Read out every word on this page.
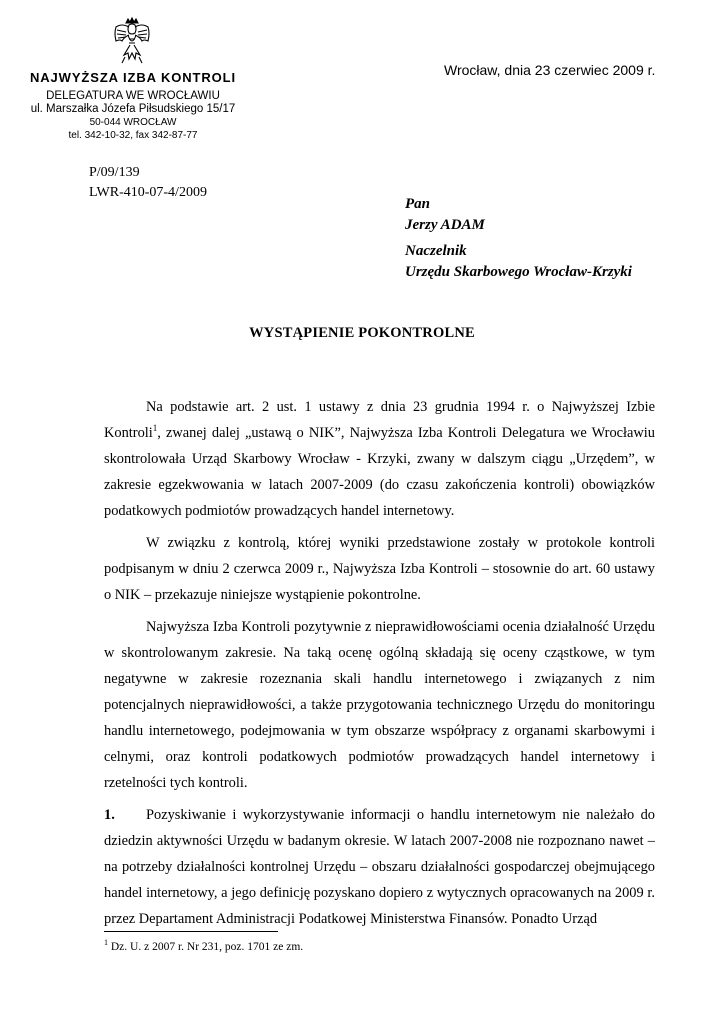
NAJWYŻSZA IZBA KONTROLI
DELEGATURA WE WROCŁAWIU
ul. Marszałka Józefa Piłsudskiego 15/17
50-044 WROCŁAW
tel. 342-10-32, fax 342-87-77
Wrocław, dnia 23 czerwiec 2009 r.
P/09/139
LWR-410-07-4/2009
Pan
Jerzy ADAM
Naczelnik
Urzędu Skarbowego Wrocław-Krzyki
WYSTĄPIENIE POKONTROLNE

Na podstawie art. 2 ust. 1 ustawy z dnia 23 grudnia 1994 r. o Najwyższej Izbie Kontroli$^1$, zwanej dalej „ustawą o NIK”, Najwyższa Izba Kontroli Delegatura we Wrocławiu skontrolowała Urząd Skarbowy Wrocław - Krzyki, zwany w dalszym ciągu „Urzędem”, w zakresie egzekwowania w latach 2007-2009 (do czasu zakończenia kontroli) obowiązków podatkowych podmiotów prowadzących handel internetowy.

W związku z kontrolą, której wyniki przedstawione zostały w protokole kontroli podpisanym w dniu 2 czerwca 2009 r., Najwyższa Izba Kontroli – stosownie do art. 60 ustawy o NIK – przekazuje niniejsze wystąpienie pokontrolne.

Najwyższa Izba Kontroli pozytywnie z nieprawidłowościami ocenia działalność Urzędu w skontrolowanym zakresie. Na taką ocenę ogólną składają się oceny cząstkowe, w tym negatywne w zakresie rozeznania skali handlu internetowego i związanych z nim potencjalnych nieprawidłowości, a także przygotowania technicznego Urzędu do monitoringu handlu internetowego, podejmowania w tym obszarze współpracy z organami skarbowymi i celnymi, oraz kontroli podatkowych podmiotów prowadzących handel internetowy i rzetelności tych kontroli.

1. Pozyskiwanie i wykorzystywanie informacji o handlu internetowym nie należało do dziedzin aktywności Urzędu w badanym okresie. W latach 2007-2008 nie rozpoznano nawet – na potrzeby działalności kontrolnej Urzędu – obszaru działalności gospodarczej obejmującego handel internetowy, a jego definicję pozyskano dopiero z wytycznych opracowanych na 2009 r. przez Departament Administracji Podatkowej Ministerstwa Finansów. Ponadto Urząd

$^1$ Dz. U. z 2007 r. Nr 231, poz. 1701 ze zm.
